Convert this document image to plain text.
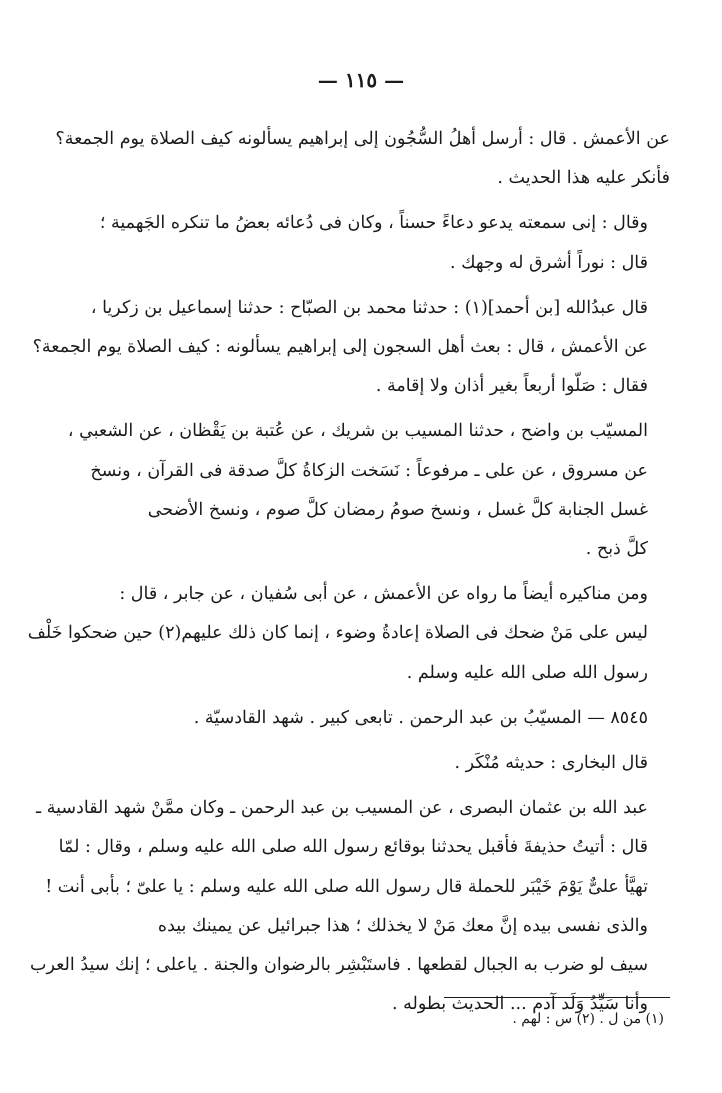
— ١١٥ —
عن الأعمش . قال : أرسل أهلُ السُّجُون إلى إبراهيم يسألونه كيف الصلاة يوم الجمعة؟
فأنكر عليه هذا الحديث .
وقال : إنى سمعته يدعو دعاءً حسناً ، وكان فى دُعائه بعضُ ما تنكره الجَهمية ؛
قال : نوراً أشرق له وجهك .
قال عبدُالله [بن أحمد](١) : حدثنا محمد بن الصبّاح : حدثنا إسماعيل بن زكريا ،
عن الأعمش ، قال : بعث أهل السجون إلى إبراهيم يسألونه : كيف الصلاة يوم الجمعة؟
فقال : صَلّوا أربعاً بغير أذان ولا إقامة .
المسيّب بن واضح ، حدثنا المسيب بن شريك ، عن عُتبة بن يَقْظان ، عن الشعبي ،
عن مسروق ، عن على ـ مرفوعاً : نَسَخت الزكاةُ كلَّ صدقة فى القرآن ، ونسخ
غسل الجنابة كلَّ غسل ، ونسخ صومُ رمضان كلَّ صوم ، ونسخ الأضحى
كلَّ ذبح .
ومن مناكيره أيضاً ما رواه عن الأعمش ، عن أبى سُفيان ، عن جابر ، قال :
ليس على مَنْ ضحك فى الصلاة إعادةُ وضوء ، إنما كان ذلك عليهم(٢) حين ضحكوا خَلْف
رسول الله صلى الله عليه وسلم .
٨٥٤٥ — المسيّبُ بن عبد الرحمن . تابعى كبير . شهد القادسيّة .
قال البخارى : حديثه مُنْكَر .
عبد الله بن عثمان البصرى ، عن المسيب بن عبد الرحمن ـ وكان ممَّنْ شهد القادسية ـ
قال : أتيتُ حذيفةَ فأقبل يحدثنا بوقائع رسول الله صلى الله عليه وسلم ، وقال : لمّا
تهيَّأ علىٌّ يَوْمَ خَيْبَر للحملة قال رسول الله صلى الله عليه وسلم : يا علىّ ؛ بأبى أنت !
والذى نفسى بيده إنَّ معك مَنْ لا يخذلك ؛ هذا جبرائيل عن يمينك بيده
سيف لو ضرب به الجبال لقطعها . فاستَبْشِر بالرضوان والجنة . ياعلى ؛ إنك سيدُ العرب
وأنا سَيِّدُ وَلَد آدم ... الحديث بطوله .
(١) من ل . (٢) س : لهم .
